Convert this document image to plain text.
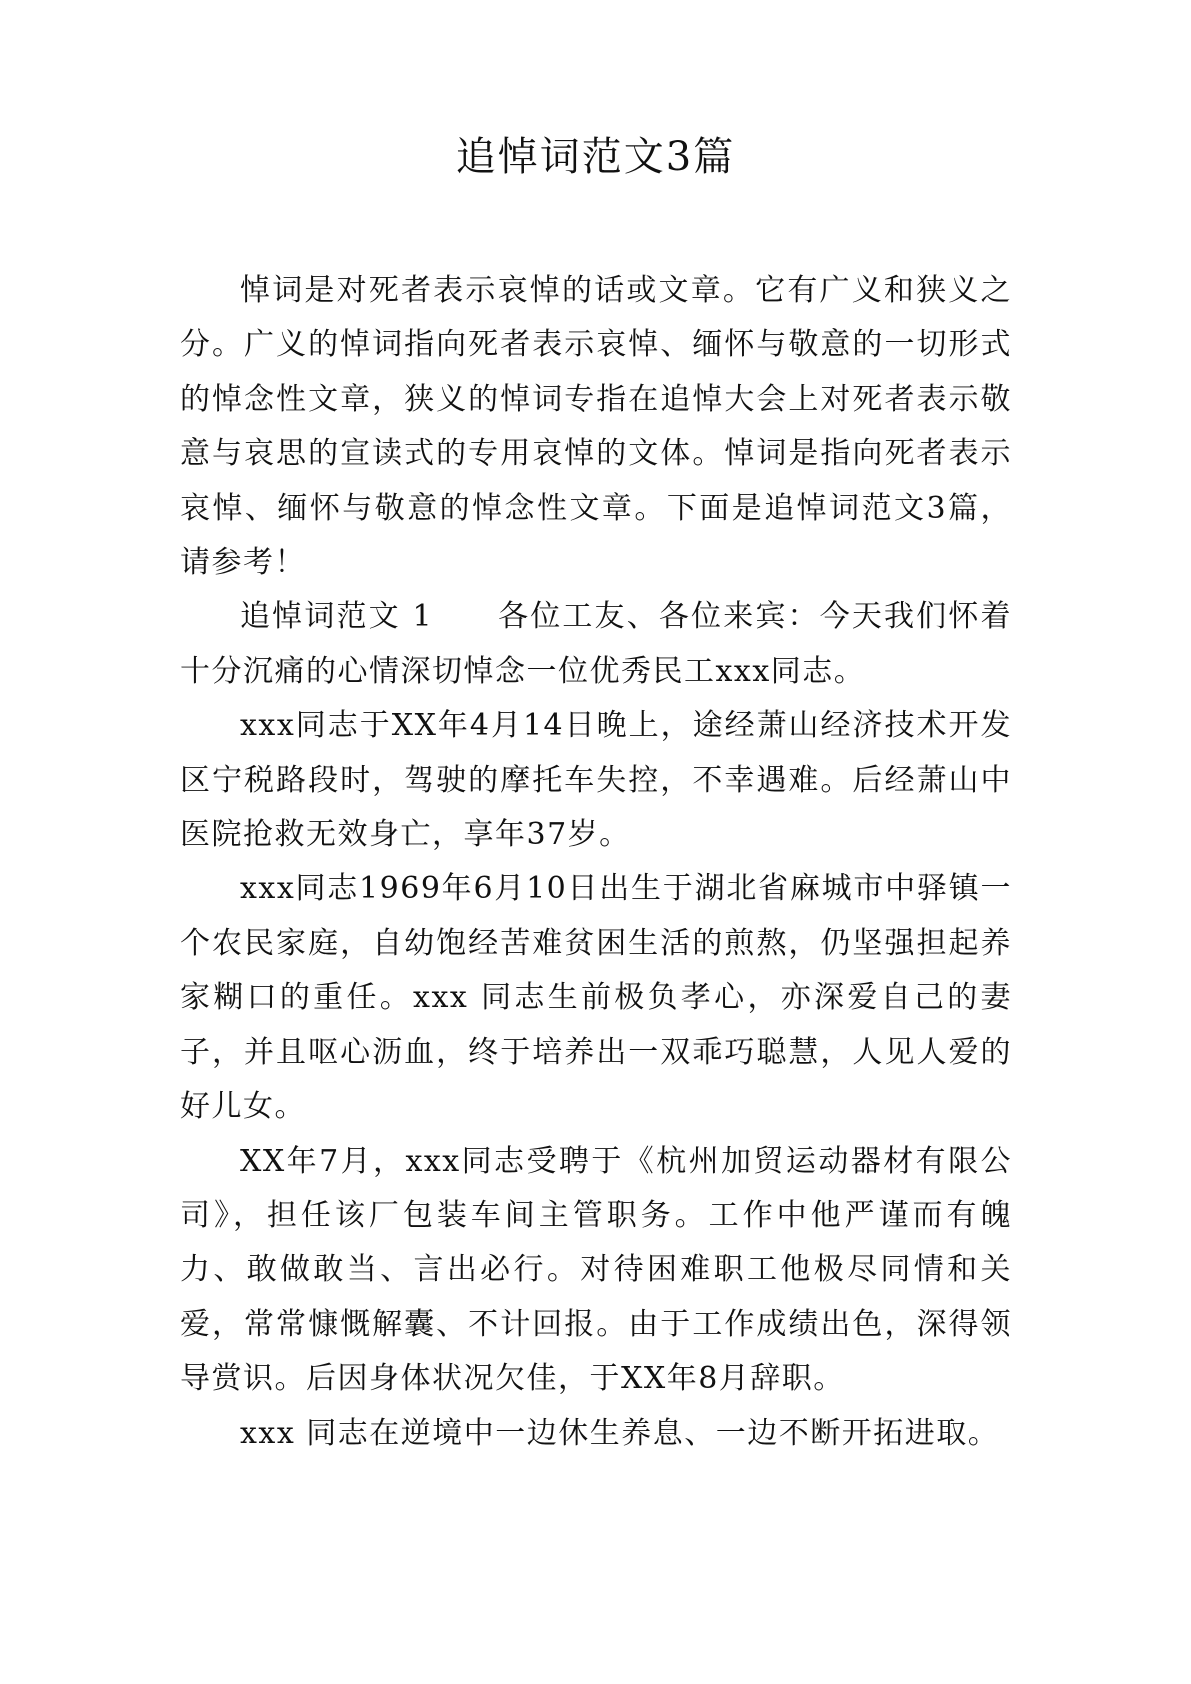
追悼词范文3篇

悼词是对死者表示哀悼的话或文章。它有广义和狭义之分。广义的悼词指向死者表示哀悼、缅怀与敬意的一切形式的悼念性文章，狭义的悼词专指在追悼大会上对死者表示敬意与哀思的宣读式的专用哀悼的文体。悼词是指向死者表示哀悼、缅怀与敬意的悼念性文章。下面是追悼词范文3篇，请参考！

追悼词范文 1　　各位工友、各位来宾：今天我们怀着十分沉痛的心情深切悼念一位优秀民工xxx同志。

xxx同志于XX年4月14日晚上，途经萧山经济技术开发区宁税路段时，驾驶的摩托车失控，不幸遇难。后经萧山中医院抢救无效身亡，享年37岁。

xxx同志1969年6月10日出生于湖北省麻城市中驿镇一个农民家庭，自幼饱经苦难贫困生活的煎熬，仍坚强担起养家糊口的重任。xxx 同志生前极负孝心，亦深爱自己的妻子，并且呕心沥血，终于培养出一双乖巧聪慧，人见人爱的好儿女。

XX年7月，xxx同志受聘于《杭州加贸运动器材有限公司》，担任该厂包装车间主管职务。工作中他严谨而有魄力、敢做敢当、言出必行。对待困难职工他极尽同情和关爱，常常慷慨解囊、不计回报。由于工作成绩出色，深得领导赏识。后因身体状况欠佳，于XX年8月辞职。

xxx 同志在逆境中一边休生养息、一边不断开拓进取。
